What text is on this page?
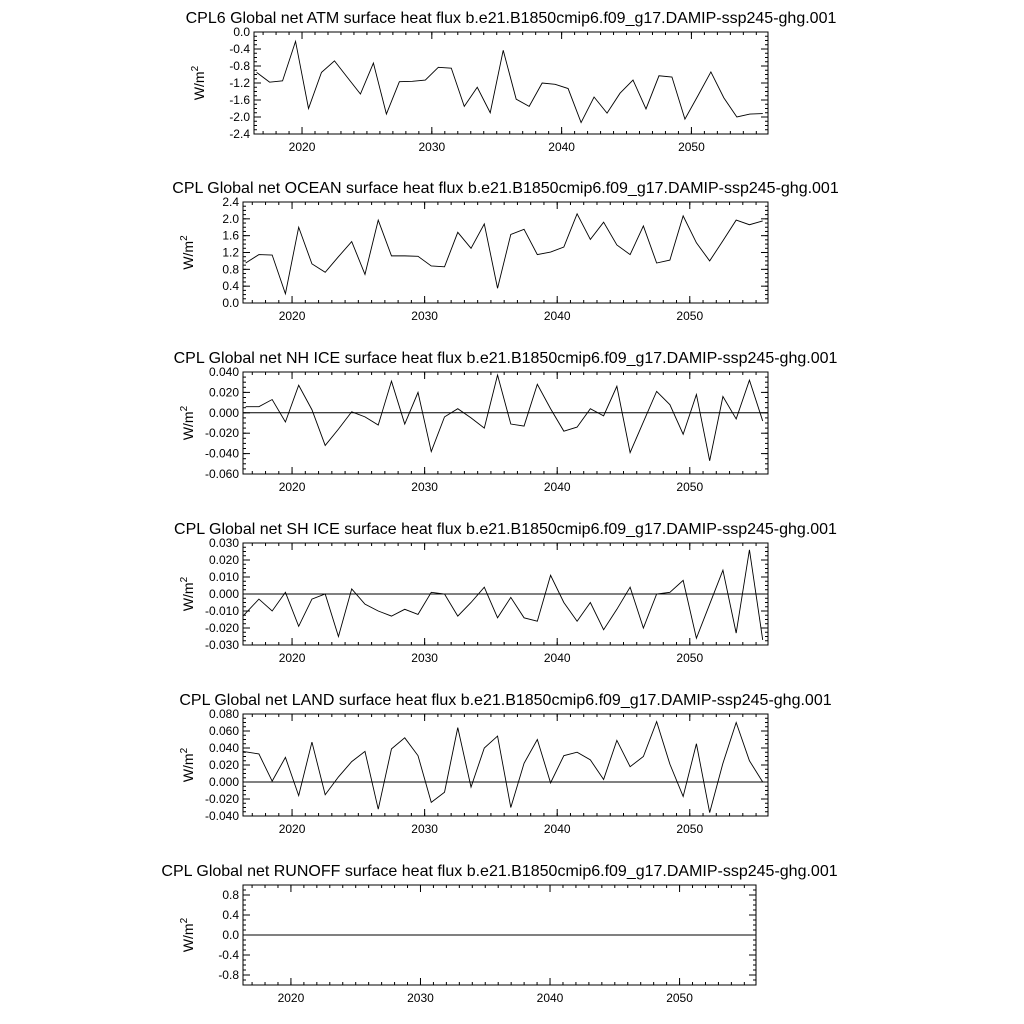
CPL6 Global net ATM surface heat flux b.e21.B1850cmip6.f09_g17.DAMIP-ssp245-ghg.001
0.0
-0.4
-0.8
-1.2
-1.6
-2.0
-2.4
2020	2030	2040	2050
$W/m^2$
CPL Global net OCEAN surface heat flux b.e21.B1850cmip6.f09_g17.DAMIP-ssp245-ghg.001
0.0
0.4
0.8
1.2
1.6
2.0
2.4
2020	2030	2040	2050
$W/m^2$
CPL Global net NH ICE surface heat flux b.e21.B1850cmip6.f09_g17.DAMIP-ssp245-ghg.001
0.040
0.020
0.000
-0.020
-0.040
-0.060
2020	2030	2040	2050
$W/m^2$
CPL Global net SH ICE surface heat flux b.e21.B1850cmip6.f09_g17.DAMIP-ssp245-ghg.001
0.030
0.020
0.010
0.000
-0.010
-0.020
-0.030
2020	2030	2040	2050
$W/m^2$
CPL Global net LAND surface heat flux b.e21.B1850cmip6.f09_g17.DAMIP-ssp245-ghg.001
0.080
0.060
0.040
0.020
0.000
-0.020
-0.040
2020	2030	2040	2050
$W/m^2$
CPL Global net RUNOFF surface heat flux b.e21.B1850cmip6.f09_g17.DAMIP-ssp245-ghg.001
0.8
0.4
0.0
-0.4
-0.8
2020	2030	2040	2050
$W/m^2$
